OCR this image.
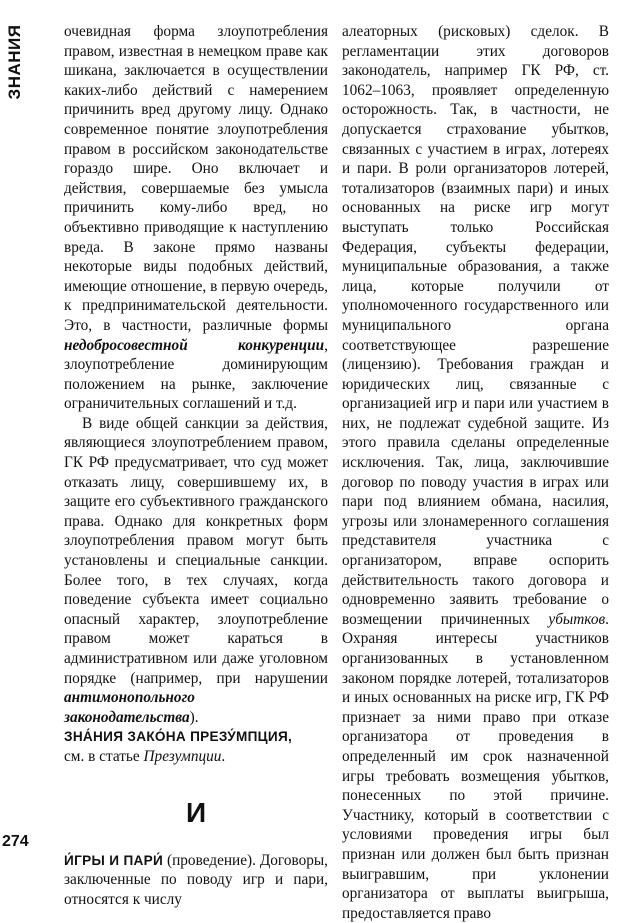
ЗНАНИЯ	очевидная форма злоупотребления правом, известная в немецком праве как шикана, заключается в осуществлении каких-либо действий с намерением причинить вред другому лицу. Однако современное понятие злоупотребления правом в российском законодательстве гораздо шире. Оно включает и действия, совершаемые без умысла причинить кому-либо вред, но объективно приводящие к наступлению вреда. В законе прямо названы некоторые виды подобных действий, имеющие отношение, в первую очередь, к предпринимательской деятельности. Это, в частности, различные формы недобросовестной конкуренции, злоупотребление доминирующим положением на рынке, заключение ограничительных соглашений и т.д.

В виде общей санкции за действия, являющиеся злоупотреблением правом, ГК РФ предусматривает, что суд может отказать лицу, совершившему их, в защите его субъективного гражданского права. Однако для конкретных форм злоупотребления правом могут быть установлены и специальные санкции. Более того, в тех случаях, когда поведение субъекта имеет социально опасный характер, злоупотребление правом может караться в административном или даже уголовном порядке (например, при нарушении антимонопольного законодательства).

ЗНА́НИЯ ЗАКО́НА ПРЕЗУ́МПЦИЯ,

см. в статье Презумпции.

И

И́ГРЫ И ПАРИ́ (проведение). Договоры, заключенные по поводу игр и пари, относятся к числу

алеаторных (рисковых) сделок. В регламентации этих договоров законодатель, например ГК РФ, ст. 1062–1063, проявляет определенную осторожность. Так, в частности, не допускается страхование убытков, связанных с участием в играх, лотереях и пари. В роли организаторов лотерей, тотализаторов (взаимных пари) и иных основанных на риске игр могут выступать только Российская Федерация, субъекты федерации, муниципальные образования, а также лица, которые получили от уполномоченного государственного или муниципального органа соответствующее разрешение (лицензию). Требования граждан и юридических лиц, связанные с организацией игр и пари или участием в них, не подлежат судебной защите. Из этого правила сделаны определенные исключения. Так, лица, заключившие договор по поводу участия в играх или пари под влиянием обмана, насилия, угрозы или злонамеренного соглашения представителя участника с организатором, вправе оспорить действительность такого договора и одновременно заявить требование о возмещении причиненных убытков. Охраняя интересы участников организованных в установленном законом порядке лотерей, тотализаторов и иных основанных на риске игр, ГК РФ признает за ними право при отказе организатора от проведения в определенный им срок назначенной игры требовать возмещения убытков, понесенных по этой причине. Участнику, который в соответствии с условиями проведения игры был признан или должен был быть признан выигравшим, при уклонении организатора от выплаты выигрыша, предоставляется право

274
